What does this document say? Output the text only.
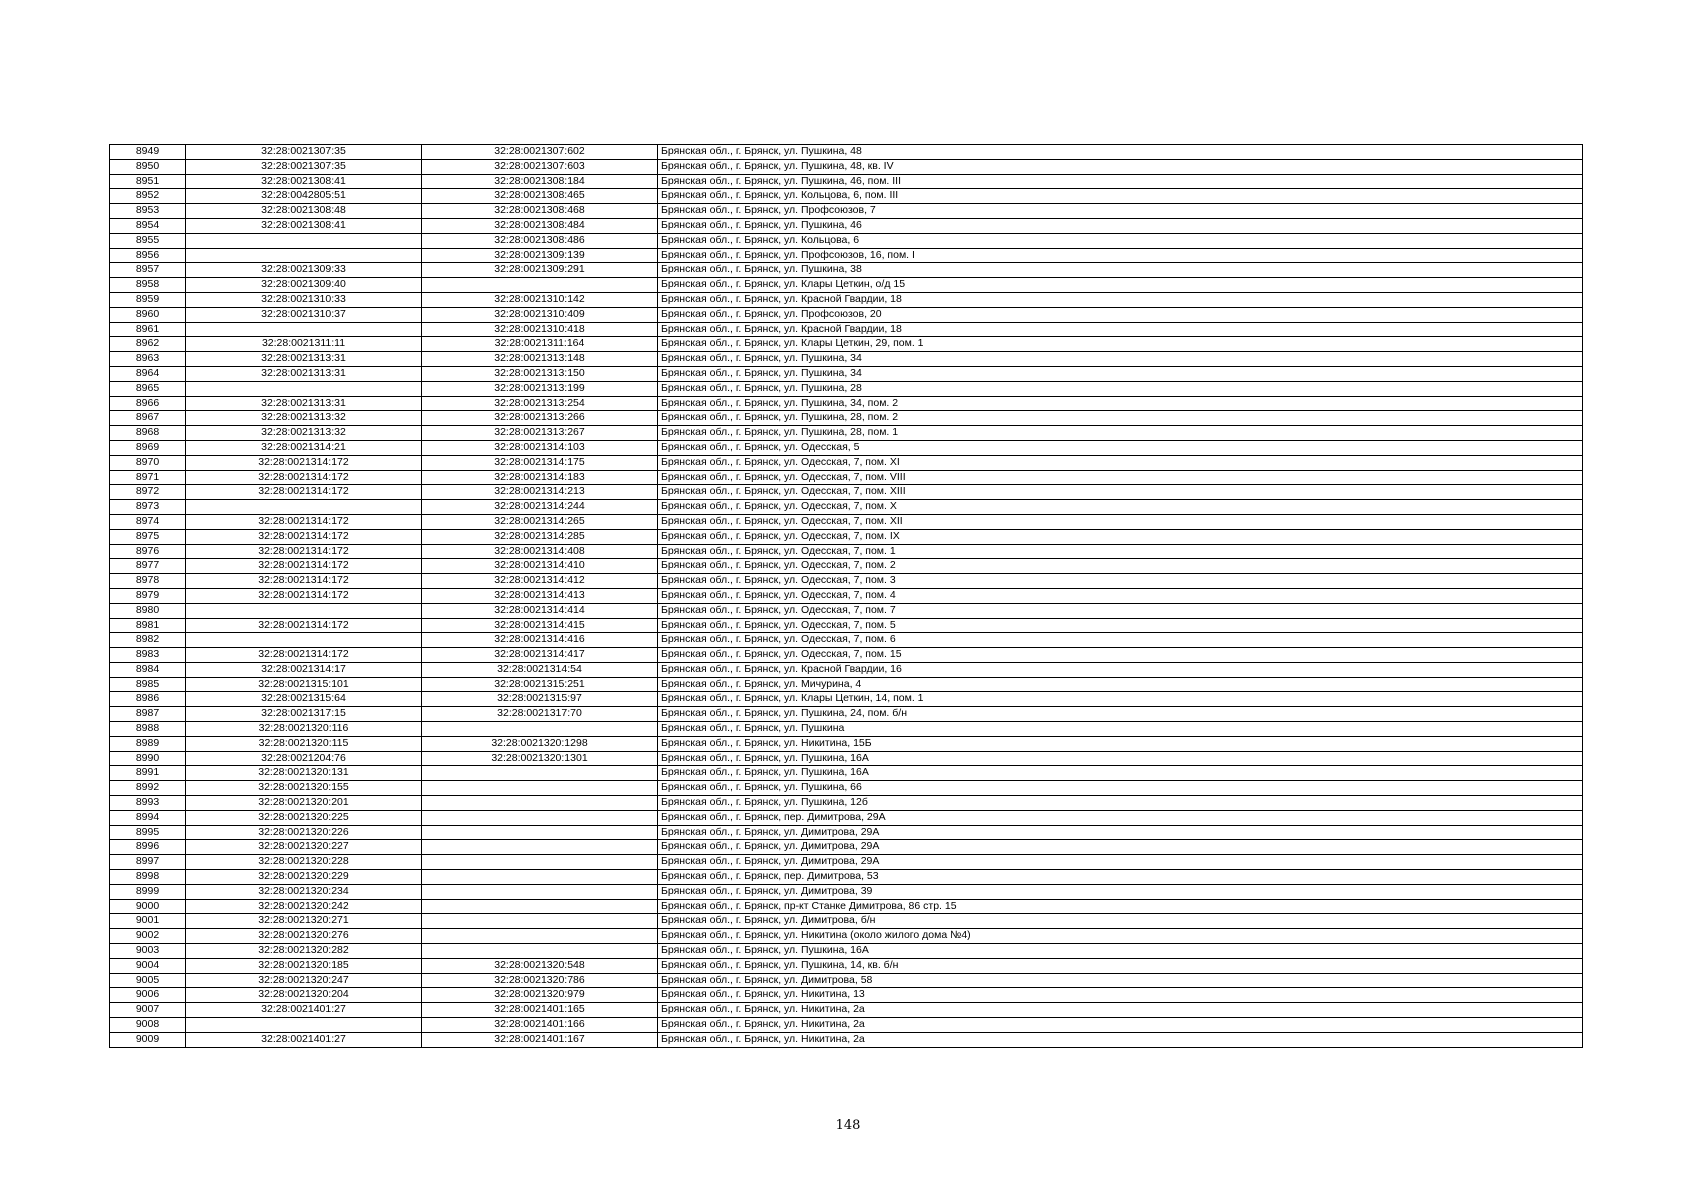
8949	32:28:0021307:35	32:28:0021307:602	Брянская обл., г. Брянск, ул. Пушкина, 48
8950	32:28:0021307:35	32:28:0021307:603	Брянская обл., г. Брянск, ул. Пушкина, 48, кв. IV
8951	32:28:0021308:41	32:28:0021308:184	Брянская обл., г. Брянск, ул. Пушкина, 46, пом. III
8952	32:28:0042805:51	32:28:0021308:465	Брянская обл., г. Брянск, ул. Кольцова, 6, пом. III
8953	32:28:0021308:48	32:28:0021308:468	Брянская обл., г. Брянск, ул. Профсоюзов, 7
8954	32:28:0021308:41	32:28:0021308:484	Брянская обл., г. Брянск, ул. Пушкина, 46
8955		32:28:0021308:486	Брянская обл., г. Брянск, ул. Кольцова, 6
8956		32:28:0021309:139	Брянская обл., г. Брянск, ул. Профсоюзов, 16, пом. I
8957	32:28:0021309:33	32:28:0021309:291	Брянская обл., г. Брянск, ул. Пушкина, 38
8958	32:28:0021309:40		Брянская обл., г. Брянск, ул. Клары Цеткин, о/д 15
8959	32:28:0021310:33	32:28:0021310:142	Брянская обл., г. Брянск, ул. Красной Гвардии, 18
8960	32:28:0021310:37	32:28:0021310:409	Брянская обл., г. Брянск, ул. Профсоюзов, 20
8961		32:28:0021310:418	Брянская обл., г. Брянск, ул. Красной Гвардии, 18
8962	32:28:0021311:11	32:28:0021311:164	Брянская обл., г. Брянск, ул. Клары Цеткин, 29, пом. 1
8963	32:28:0021313:31	32:28:0021313:148	Брянская обл., г. Брянск, ул. Пушкина, 34
8964	32:28:0021313:31	32:28:0021313:150	Брянская обл., г. Брянск, ул. Пушкина, 34
8965		32:28:0021313:199	Брянская обл., г. Брянск, ул. Пушкина, 28
8966	32:28:0021313:31	32:28:0021313:254	Брянская обл., г. Брянск, ул. Пушкина, 34, пом. 2
8967	32:28:0021313:32	32:28:0021313:266	Брянская обл., г. Брянск, ул. Пушкина, 28, пом. 2
8968	32:28:0021313:32	32:28:0021313:267	Брянская обл., г. Брянск, ул. Пушкина, 28, пом. 1
8969	32:28:0021314:21	32:28:0021314:103	Брянская обл., г. Брянск, ул. Одесская, 5
8970	32:28:0021314:172	32:28:0021314:175	Брянская обл., г. Брянск, ул. Одесская, 7, пом. XI
8971	32:28:0021314:172	32:28:0021314:183	Брянская обл., г. Брянск, ул. Одесская, 7, пом. VIII
8972	32:28:0021314:172	32:28:0021314:213	Брянская обл., г. Брянск, ул. Одесская, 7, пом. XIII
8973		32:28:0021314:244	Брянская обл., г. Брянск, ул. Одесская, 7, пом. X
8974	32:28:0021314:172	32:28:0021314:265	Брянская обл., г. Брянск, ул. Одесская, 7, пом. XII
8975	32:28:0021314:172	32:28:0021314:285	Брянская обл., г. Брянск, ул. Одесская, 7, пом. IX
8976	32:28:0021314:172	32:28:0021314:408	Брянская обл., г. Брянск, ул. Одесская, 7, пом. 1
8977	32:28:0021314:172	32:28:0021314:410	Брянская обл., г. Брянск, ул. Одесская, 7, пом. 2
8978	32:28:0021314:172	32:28:0021314:412	Брянская обл., г. Брянск, ул. Одесская, 7, пом. 3
8979	32:28:0021314:172	32:28:0021314:413	Брянская обл., г. Брянск, ул. Одесская, 7, пом. 4
8980		32:28:0021314:414	Брянская обл., г. Брянск, ул. Одесская, 7, пом. 7
8981	32:28:0021314:172	32:28:0021314:415	Брянская обл., г. Брянск, ул. Одесская, 7, пом. 5
8982		32:28:0021314:416	Брянская обл., г. Брянск, ул. Одесская, 7, пом. 6
8983	32:28:0021314:172	32:28:0021314:417	Брянская обл., г. Брянск, ул. Одесская, 7, пом. 15
8984	32:28:0021314:17	32:28:0021314:54	Брянская обл., г. Брянск, ул. Красной Гвардии, 16
8985	32:28:0021315:101	32:28:0021315:251	Брянская обл., г. Брянск, ул. Мичурина, 4
8986	32:28:0021315:64	32:28:0021315:97	Брянская обл., г. Брянск, ул. Клары Цеткин, 14, пом. 1
8987	32:28:0021317:15	32:28:0021317:70	Брянская обл., г. Брянск, ул. Пушкина, 24, пом. б/н
8988	32:28:0021320:116		Брянская обл., г. Брянск, ул. Пушкина
8989	32:28:0021320:115	32:28:0021320:1298	Брянская обл., г. Брянск, ул. Никитина, 15Б
8990	32:28:0021204:76	32:28:0021320:1301	Брянская обл., г. Брянск, ул. Пушкина, 16А
8991	32:28:0021320:131		Брянская обл., г. Брянск, ул. Пушкина, 16А
8992	32:28:0021320:155		Брянская обл., г. Брянск, ул. Пушкина, 66
8993	32:28:0021320:201		Брянская обл., г. Брянск, ул. Пушкина, 12б
8994	32:28:0021320:225		Брянская обл., г. Брянск, пер. Димитрова, 29А
8995	32:28:0021320:226		Брянская обл., г. Брянск, ул. Димитрова, 29А
8996	32:28:0021320:227		Брянская обл., г. Брянск, ул. Димитрова, 29А
8997	32:28:0021320:228		Брянская обл., г. Брянск, ул. Димитрова, 29А
8998	32:28:0021320:229		Брянская обл., г. Брянск, пер. Димитрова, 53
8999	32:28:0021320:234		Брянская обл., г. Брянск, ул. Димитрова, 39
9000	32:28:0021320:242		Брянская обл., г. Брянск, пр-кт Станке Димитрова, 86 стр. 15
9001	32:28:0021320:271		Брянская обл., г. Брянск, ул. Димитрова, б/н
9002	32:28:0021320:276		Брянская обл., г. Брянск, ул. Никитина (около жилого дома №4)
9003	32:28:0021320:282		Брянская обл., г. Брянск, ул. Пушкина, 16А
9004	32:28:0021320:185	32:28:0021320:548	Брянская обл., г. Брянск, ул. Пушкина, 14, кв. б/н
9005	32:28:0021320:247	32:28:0021320:786	Брянская обл., г. Брянск, ул. Димитрова, 58
9006	32:28:0021320:204	32:28:0021320:979	Брянская обл., г. Брянск, ул. Никитина, 13
9007	32:28:0021401:27	32:28:0021401:165	Брянская обл., г. Брянск, ул. Никитина, 2а
9008		32:28:0021401:166	Брянская обл., г. Брянск, ул. Никитина, 2а
9009	32:28:0021401:27	32:28:0021401:167	Брянская обл., г. Брянск, ул. Никитина, 2а
148
